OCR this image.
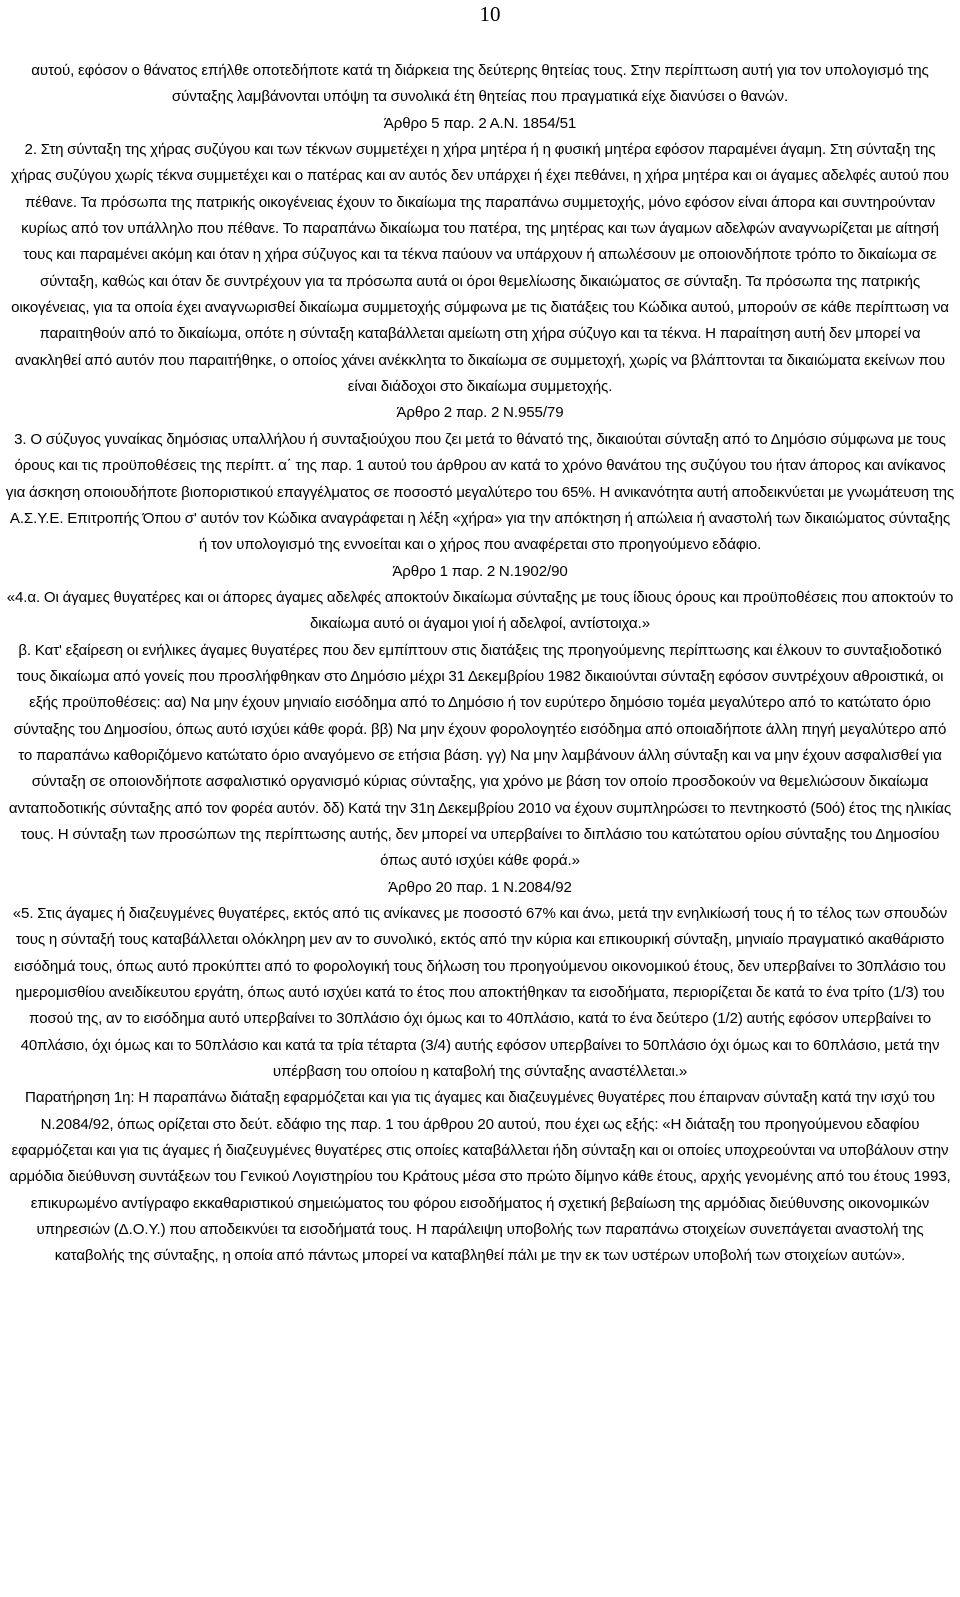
10

αυτού, εφόσον ο θάνατος επήλθε οποτεδήποτε κατά τη διάρκεια της δεύτερης θητείας τους. Στην περίπτωση αυτή για τον υπολογισμό της σύνταξης λαμβάνονται υπόψη τα συνολικά έτη θητείας που πραγματικά είχε διανύσει ο θανών.

Άρθρο 5 παρ. 2 Α.Ν. 1854/51

2. Στη σύνταξη της χήρας συζύγου και των τέκνων συμμετέχει η χήρα μητέρα ή η φυσική μητέρα εφόσον παραμένει άγαμη. Στη σύνταξη της χήρας συζύγου χωρίς τέκνα συμμετέχει και ο πατέρας και αν αυτός δεν υπάρχει ή έχει πεθάνει, η χήρα μητέρα και οι άγαμες αδελφές αυτού που πέθανε. Τα πρόσωπα της πατρικής οικογένειας έχουν το δικαίωμα της παραπάνω συμμετοχής, μόνο εφόσον είναι άπορα και συντηρούνταν κυρίως από τον υπάλληλο που πέθανε. Το παραπάνω δικαίωμα του πατέρα, της μητέρας και των άγαμων αδελφών αναγνωρίζεται με αίτησή τους και παραμένει ακόμη και όταν η χήρα σύζυγος και τα τέκνα παύουν να υπάρχουν ή απωλέσουν με οποιονδήποτε τρόπο το δικαίωμα σε σύνταξη, καθώς και όταν δε συντρέχουν για τα πρόσωπα αυτά οι όροι θεμελίωσης δικαιώματος σε σύνταξη. Τα πρόσωπα της πατρικής οικογένειας, για τα οποία έχει αναγνωρισθεί δικαίωμα συμμετοχής σύμφωνα με τις διατάξεις του Κώδικα αυτού, μπορούν σε κάθε περίπτωση να παραιτηθούν από το δικαίωμα, οπότε η σύνταξη καταβάλλεται αμείωτη στη χήρα σύζυγο και τα τέκνα. Η παραίτηση αυτή δεν μπορεί να ανακληθεί από αυτόν που παραιτήθηκε, ο οποίος χάνει ανέκκλητα το δικαίωμα σε συμμετοχή, χωρίς να βλάπτονται τα δικαιώματα εκείνων που είναι διάδοχοι στο δικαίωμα συμμετοχής.

Άρθρο 2 παρ. 2 Ν.955/79

3. Ο σύζυγος γυναίκας δημόσιας υπαλλήλου ή συνταξιούχου που ζει μετά το θάνατό της, δικαιούται σύνταξη από το Δημόσιο σύμφωνα με τους όρους και τις προϋποθέσεις της περίπτ. α΄ της παρ. 1 αυτού του άρθρου αν κατά το χρόνο θανάτου της συζύγου του ήταν άπορος και ανίκανος για άσκηση οποιουδήποτε βιοποριστικού επαγγέλματος σε ποσοστό μεγαλύτερο του 65%. Η ανικανότητα αυτή αποδεικνύεται με γνωμάτευση της Α.Σ.Υ.Ε. Επιτροπής Όπου σ' αυτόν τον Κώδικα αναγράφεται η λέξη «χήρα» για την απόκτηση ή απώλεια ή αναστολή των δικαιώματος σύνταξης ή τον υπολογισμό της εννοείται και ο χήρος που αναφέρεται στο προηγούμενο εδάφιο.

Άρθρο 1 παρ. 2 Ν.1902/90

«4.α. Οι άγαμες θυγατέρες και οι άπορες άγαμες αδελφές αποκτούν δικαίωμα σύνταξης με τους ίδιους όρους και προϋποθέσεις που αποκτούν το δικαίωμα αυτό οι άγαμοι γιοί ή αδελφοί, αντίστοιχα.»

β. Κατ' εξαίρεση οι ενήλικες άγαμες θυγατέρες που δεν εμπίπτουν στις διατάξεις της προηγούμενης περίπτωσης και έλκουν το συνταξιοδοτικό τους δικαίωμα από γονείς που προσλήφθηκαν στο Δημόσιο μέχρι 31 Δεκεμβρίου 1982 δικαιούνται σύνταξη εφόσον συντρέχουν αθροιστικά, οι εξής προϋποθέσεις: αα) Να μην έχουν μηνιαίο εισόδημα από το Δημόσιο ή τον ευρύτερο δημόσιο τομέα μεγαλύτερο από το κατώτατο όριο σύνταξης του Δημοσίου, όπως αυτό ισχύει κάθε φορά. ββ) Να μην έχουν φορολογητέο εισόδημα από οποιαδήποτε άλλη πηγή μεγαλύτερο από το παραπάνω καθοριζόμενο κατώτατο όριο αναγόμενο σε ετήσια βάση. γγ) Να μην λαμβάνουν άλλη σύνταξη και να μην έχουν ασφαλισθεί για σύνταξη σε οποιονδήποτε ασφαλιστικό οργανισμό κύριας σύνταξης, για χρόνο με βάση τον οποίο προσδοκούν να θεμελιώσουν δικαίωμα ανταποδοτικής σύνταξης από τον φορέα αυτόν. δδ) Κατά την 31η Δεκεμβρίου 2010 να έχουν συμπληρώσει το πεντηκοστό (50ό) έτος της ηλικίας τους. Η σύνταξη των προσώπων της περίπτωσης αυτής, δεν μπορεί να υπερβαίνει το διπλάσιο του κατώτατου ορίου σύνταξης του Δημοσίου όπως αυτό ισχύει κάθε φορά.»

Άρθρο 20 παρ. 1 Ν.2084/92

«5. Στις άγαμες ή διαζευγμένες θυγατέρες, εκτός από τις ανίκανες με ποσοστό 67% και άνω, μετά την ενηλικίωσή τους ή το τέλος των σπουδών τους η σύνταξή τους καταβάλλεται ολόκληρη μεν αν το συνολικό, εκτός από την κύρια και επικουρική σύνταξη, μηνιαίο πραγματικό ακαθάριστο εισόδημά τους, όπως αυτό προκύπτει από το φορολογική τους δήλωση του προηγούμενου οικονομικού έτους, δεν υπερβαίνει το 30πλάσιο του ημερομισθίου ανειδίκευτου εργάτη, όπως αυτό ισχύει κατά το έτος που αποκτήθηκαν τα εισοδήματα, περιορίζεται δε κατά το ένα τρίτο (1/3) του ποσού της, αν το εισόδημα αυτό υπερβαίνει το 30πλάσιο όχι όμως και το 40πλάσιο, κατά το ένα δεύτερο (1/2) αυτής εφόσον υπερβαίνει το 40πλάσιο, όχι όμως και το 50πλάσιο και κατά τα τρία τέταρτα (3/4) αυτής εφόσον υπερβαίνει το 50πλάσιο όχι όμως και το 60πλάσιο, μετά την υπέρβαση του οποίου η καταβολή της σύνταξης αναστέλλεται.»

Παρατήρηση 1η: Η παραπάνω διάταξη εφαρμόζεται και για τις άγαμες και διαζευγμένες θυγατέρες που έπαιρναν σύνταξη κατά την ισχύ του Ν.2084/92, όπως ορίζεται στο δεύτ. εδάφιο της παρ. 1 του άρθρου 20 αυτού, που έχει ως εξής: «Η διάταξη του προηγούμενου εδαφίου εφαρμόζεται και για τις άγαμες ή διαζευγμένες θυγατέρες στις οποίες καταβάλλεται ήδη σύνταξη και οι οποίες υποχρεούνται να υποβάλουν στην αρμόδια διεύθυνση συντάξεων του Γενικού Λογιστηρίου του Κράτους μέσα στο πρώτο δίμηνο κάθε έτους, αρχής γενομένης από του έτους 1993, επικυρωμένο αντίγραφο εκκαθαριστικού σημειώματος του φόρου εισοδήματος ή σχετική βεβαίωση της αρμόδιας διεύθυνσης οικονομικών υπηρεσιών (Δ.Ο.Υ.) που αποδεικνύει τα εισοδήματά τους. Η παράλειψη υποβολής των παραπάνω στοιχείων συνεπάγεται αναστολή της καταβολής της σύνταξης, η οποία από πάντως μπορεί να καταβληθεί πάλι με την εκ των υστέρων υποβολή των στοιχείων αυτών».
